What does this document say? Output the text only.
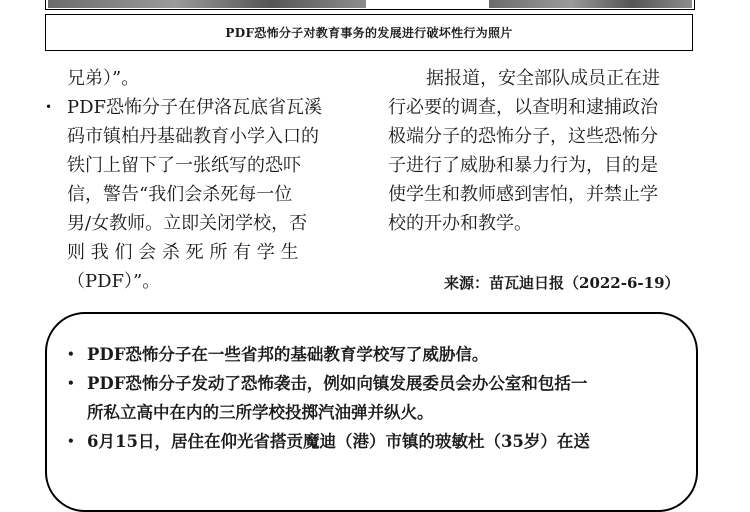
PDF恐怖分子对教育事务的发展进行破坏性行为照片
兄弟）”。
• PDF恐怖分子在伊洛瓦底省瓦溪
码市镇柏丹基础教育小学入口的
铁门上留下了一张纸写的恐吓
信，警告“我们会杀死每一位
男/女教师。立即关闭学校，否
则 我 们 会 杀 死 所 有 学 生
（PDF）”。
据报道，安全部队成员正在进
行必要的调查，以查明和逮捕政治
极端分子的恐怖分子，这些恐怖分
子进行了威胁和暴力行为，目的是
使学生和教师感到害怕，并禁止学
校的开办和教学。
来源：苗瓦迪日报（2022-6-19）
• PDF恐怖分子在一些省邦的基础教育学校写了威胁信。
• PDF恐怖分子发动了恐怖袭击，例如向镇发展委员会办公室和包括一
所私立高中在内的三所学校投掷汽油弹并纵火。
• 6月15日，居住在仰光省搭贡魔迪（港）市镇的玻敏杜（35岁）在送
